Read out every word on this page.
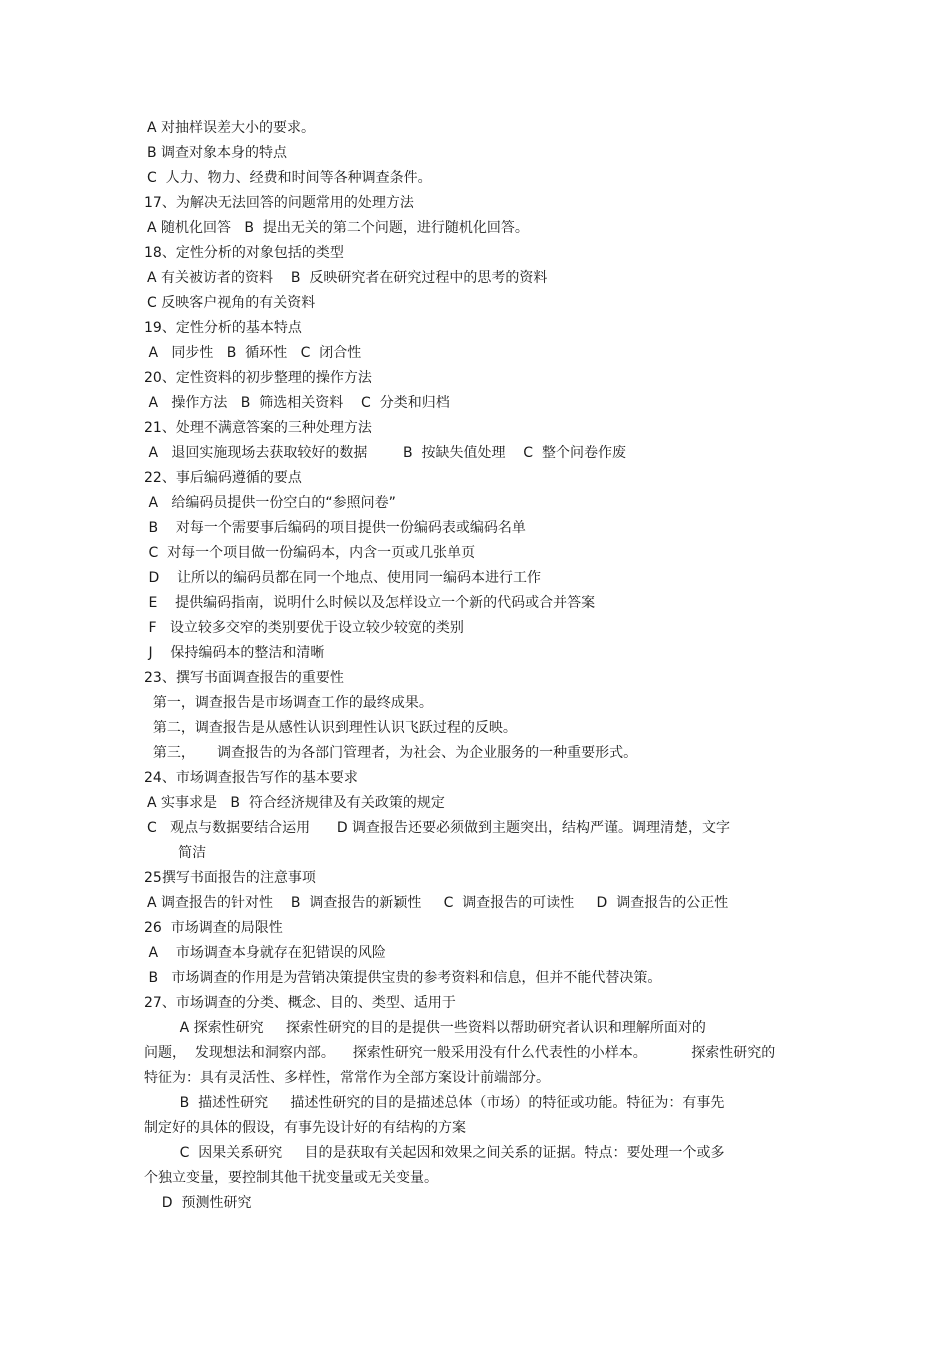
A 对抽样误差大小的要求。
B 调查对象本身的特点
C  人力、物力、经费和时间等各种调查条件。
17、为解决无法回答的问题常用的处理方法
A 随机化回答   B  提出无关的第二个问题，进行随机化回答。
18、定性分析的对象包括的类型
A 有关被访者的资料    B  反映研究者在研究过程中的思考的资料
C 反映客户视角的有关资料
19、定性分析的基本特点
A   同步性   B  循环性   C  闭合性
20、定性资料的初步整理的操作方法
A   操作方法   B  筛选相关资料    C  分类和归档
21、处理不满意答案的三种处理方法
A   退回实施现场去获取较好的数据        B  按缺失值处理    C  整个问卷作废
22、事后编码遵循的要点
A   给编码员提供一份空白的“参照问卷”
B    对每一个需要事后编码的项目提供一份编码表或编码名单
C  对每一个项目做一份编码本，内含一页或几张单页
D    让所以的编码员都在同一个地点、使用同一编码本进行工作
E    提供编码指南，说明什么时候以及怎样设立一个新的代码或合并答案
F   设立较多交窄的类别要优于设立较少较宽的类别
J    保持编码本的整洁和清晰
23、撰写书面调查报告的重要性
第一，调查报告是市场调查工作的最终成果。
第二，调查报告是从感性认识到理性认识飞跃过程的反映。
第三，     调查报告的为各部门管理者，为社会、为企业服务的一种重要形式。
24、市场调查报告写作的基本要求
A 实事求是   B  符合经济规律及有关政策的规定
C   观点与数据要结合运用      D 调查报告还要必须做到主题突出，结构严谨。调理清楚，文字
简洁
25撰写书面报告的注意事项
A 调查报告的针对性    B  调查报告的新颖性     C  调查报告的可读性     D  调查报告的公正性
26  市场调查的局限性
A    市场调查本身就存在犯错误的风险
B   市场调查的作用是为营销决策提供宝贵的参考资料和信息，但并不能代替决策。
27、市场调查的分类、概念、目的、类型、适用于
A 探索性研究     探索性研究的目的是提供一些资料以帮助研究者认识和理解所面对的
问题，  发现想法和洞察内部。    探索性研究一般采用没有什么代表性的小样本。          探索性研究的
特征为：具有灵活性、多样性，常常作为全部方案设计前端部分。
B  描述性研究     描述性研究的目的是描述总体（市场）的特征或功能。特征为：有事先
制定好的具体的假设，有事先设计好的有结构的方案
C  因果关系研究     目的是获取有关起因和效果之间关系的证据。特点：要处理一个或多
个独立变量，要控制其他干扰变量或无关变量。
D  预测性研究
